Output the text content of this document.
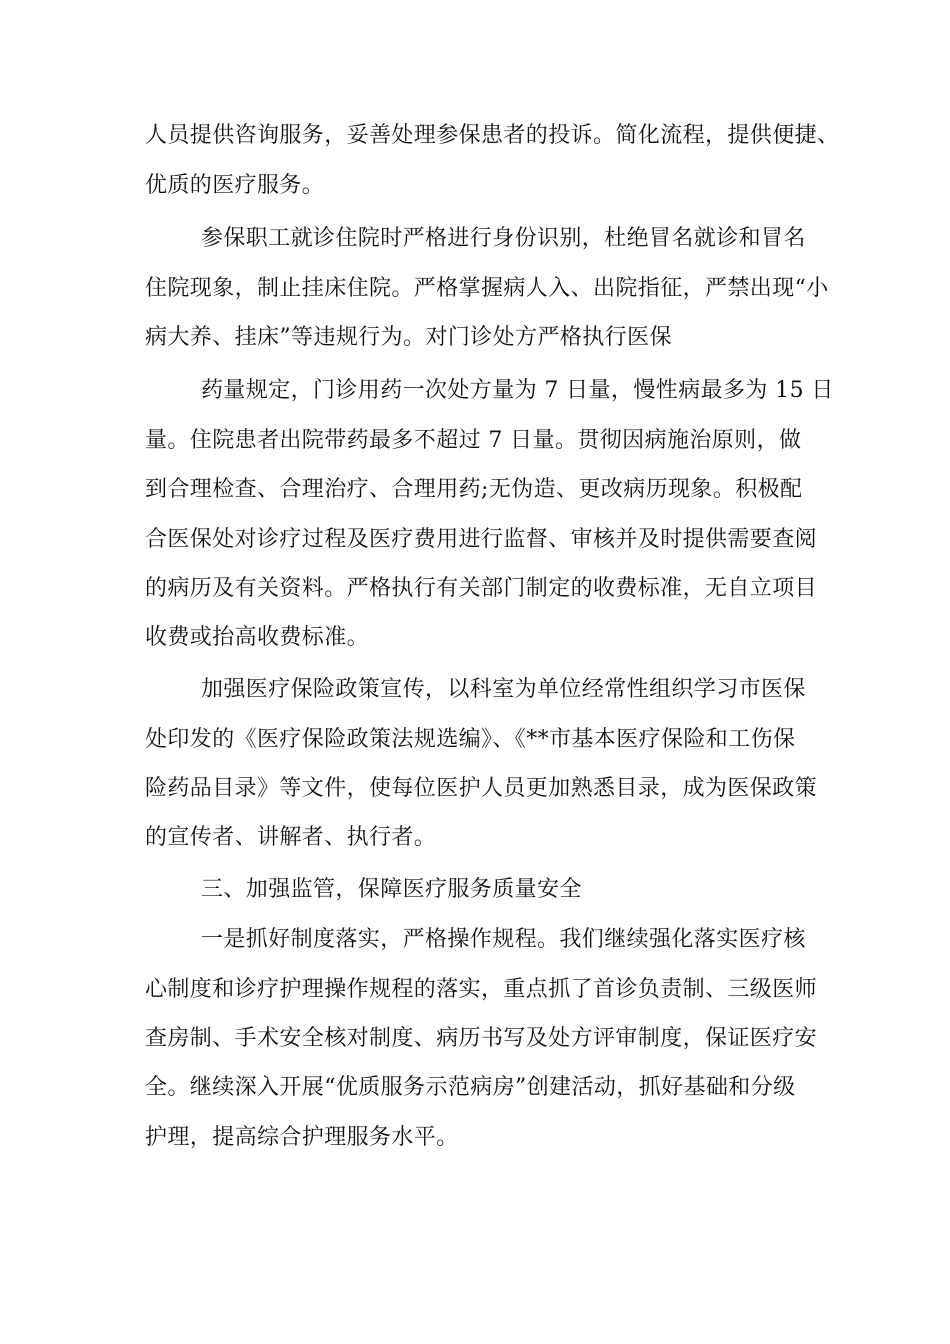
人员提供咨询服务，妥善处理参保患者的投诉。简化流程，提供便捷、

优质的医疗服务。

参保职工就诊住院时严格进行身份识别，杜绝冒名就诊和冒名

住院现象，制止挂床住院。严格掌握病人入、出院指征，严禁出现“小

病大养、挂床”等违规行为。对门诊处方严格执行医保

药量规定，门诊用药一次处方量为 7 日量，慢性病最多为 15 日

量。住院患者出院带药最多不超过 7 日量。贯彻因病施治原则，做

到合理检查、合理治疗、合理用药;无伪造、更改病历现象。积极配

合医保处对诊疗过程及医疗费用进行监督、审核并及时提供需要查阅

的病历及有关资料。严格执行有关部门制定的收费标准，无自立项目

收费或抬高收费标准。

加强医疗保险政策宣传，以科室为单位经常性组织学习市医保

处印发的《医疗保险政策法规选编》、《**市基本医疗保险和工伤保

险药品目录》等文件，使每位医护人员更加熟悉目录，成为医保政策

的宣传者、讲解者、执行者。

三、加强监管，保障医疗服务质量安全

一是抓好制度落实，严格操作规程。我们继续强化落实医疗核

心制度和诊疗护理操作规程的落实，重点抓了首诊负责制、三级医师

查房制、手术安全核对制度、病历书写及处方评审制度，保证医疗安

全。继续深入开展“优质服务示范病房”创建活动，抓好基础和分级

护理，提高综合护理服务水平。
